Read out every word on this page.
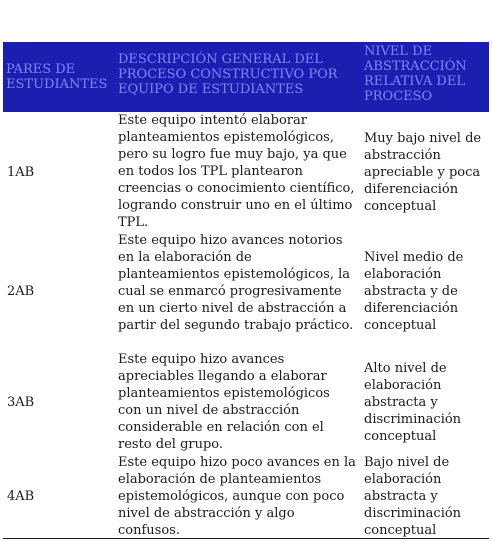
PARES DE ESTUDIANTES	DESCRIPCIÓN GENERAL DEL PROCESO CONSTRUCTIVO POR EQUIPO DE ESTUDIANTES	NIVEL DE ABSTRACCIÓN RELATIVA DEL PROCESO
1AB	Este equipo intentó elaborar planteamientos epistemológicos, pero su logro fue muy bajo, ya que en todos los TPL plantearon creencias o conocimiento científico, logrando construir uno en el último TPL.	Muy bajo nivel de abstracción apreciable y poca diferenciación conceptual
2AB	Este equipo hizo avances notorios en la elaboración de planteamientos epistemológicos, la cual se enmarcó progresivamente en un cierto nivel de abstracción a partir del segundo trabajo práctico.	Nivel medio de elaboración abstracta y de diferenciación conceptual
3AB	Este equipo hizo avances apreciables llegando a elaborar planteamientos epistemológicos con un nivel de abstracción considerable en relación con el resto del grupo.	Alto nivel de elaboración abstracta y discriminación conceptual
4AB	Este equipo hizo poco avances en la elaboración de planteamientos epistemológicos, aunque con poco nivel de abstracción y algo confusos.	Bajo nivel de elaboración abstracta y discriminación conceptual
